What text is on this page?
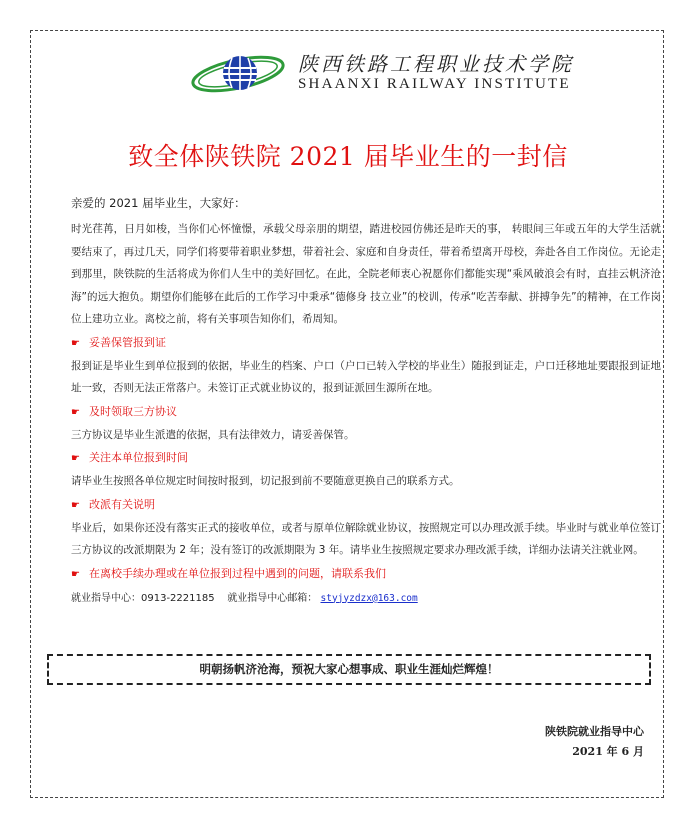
陕西铁路工程职业技术学院
SHAANXI RAILWAY INSTITUTE
致全体陕铁院 2021 届毕业生的一封信

亲爱的 2021 届毕业生，大家好：

时光荏苒，日月如梭，当你们心怀憧憬，承载父母亲朋的期望，踏进校园仿佛还是昨天的事， 转眼间三年或五年的大学生活就要结束了，再过几天，同学们将要带着职业梦想，带着社会、家庭和自身责任，带着希望离开母校，奔赴各自工作岗位。无论走到那里，陕铁院的生活将成为你们人生中的美好回忆。在此，全院老师衷心祝愿你们都能实现“乘风破浪会有时，直挂云帆济沧海”的远大抱负。期望你们能够在此后的工作学习中秉承“德修身 技立业”的校训，传承“吃苦奉献、拼搏争先”的精神，在工作岗位上建功立业。离校之前，将有关事项告知你们，希周知。

☛ 妥善保管报到证

报到证是毕业生到单位报到的依据，毕业生的档案、户口（户口已转入学校的毕业生）随报到证走，户口迁移地址要跟报到证地址一致，否则无法正常落户。未签订正式就业协议的，报到证派回生源所在地。

☛ 及时领取三方协议

三方协议是毕业生派遣的依据，具有法律效力，请妥善保管。

☛ 关注本单位报到时间

请毕业生按照各单位规定时间按时报到，切记报到前不要随意更换自己的联系方式。

☛ 改派有关说明

毕业后，如果你还没有落实正式的接收单位，或者与原单位解除就业协议，按照规定可以办理改派手续。毕业时与就业单位签订三方协议的改派期限为 2 年；没有签订的改派期限为 3 年。请毕业生按照规定要求办理改派手续，详细办法请关注就业网。

☛ 在离校手续办理或在单位报到过程中遇到的问题，请联系我们
就业指导中心：0913-2221185 就业指导中心邮箱： styjyzdzx@163.com
明朝扬帆济沧海，预祝大家心想事成、职业生涯灿烂辉煌！
陕铁院就业指导中心
2021 年 6 月
